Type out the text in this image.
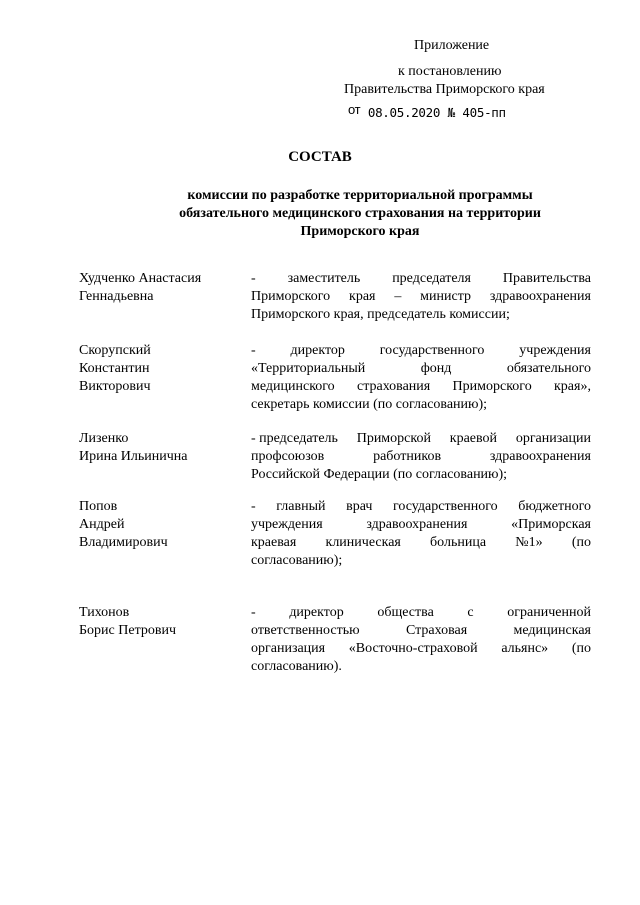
Приложение
к постановлению
Правительства Приморского края
от 08.05.2020 № 405-пп
СОСТАВ
комиссии по разработке территориальной программы
обязательного медицинского страхования на территории
Приморского края
Худченко Анастасия
Геннадьевна
- заместитель председателя Правительства
Приморского края – министр здравоохранения
Приморского края, председатель комиссии;
Скорупский
Константин
Викторович
- директор государственного учреждения
«Территориальный	фонд	обязательного
медицинского страхования Приморского края»,
секретарь комиссии (по согласованию);
Лизенко
Ирина Ильинична
- председатель Приморской краевой организации
профсоюзов	работников	здравоохранения
Российской Федерации (по согласованию);
Попов
Андрей
Владимирович
- главный врач государственного бюджетного
учреждения	здравоохранения	«Приморская
краевая клиническая больница №1» (по
согласованию);
Тихонов
Борис Петрович
- директор общества с ограниченной
ответственностью	Страховая	медицинская
организация «Восточно-страховой альянс» (по
согласованию).
